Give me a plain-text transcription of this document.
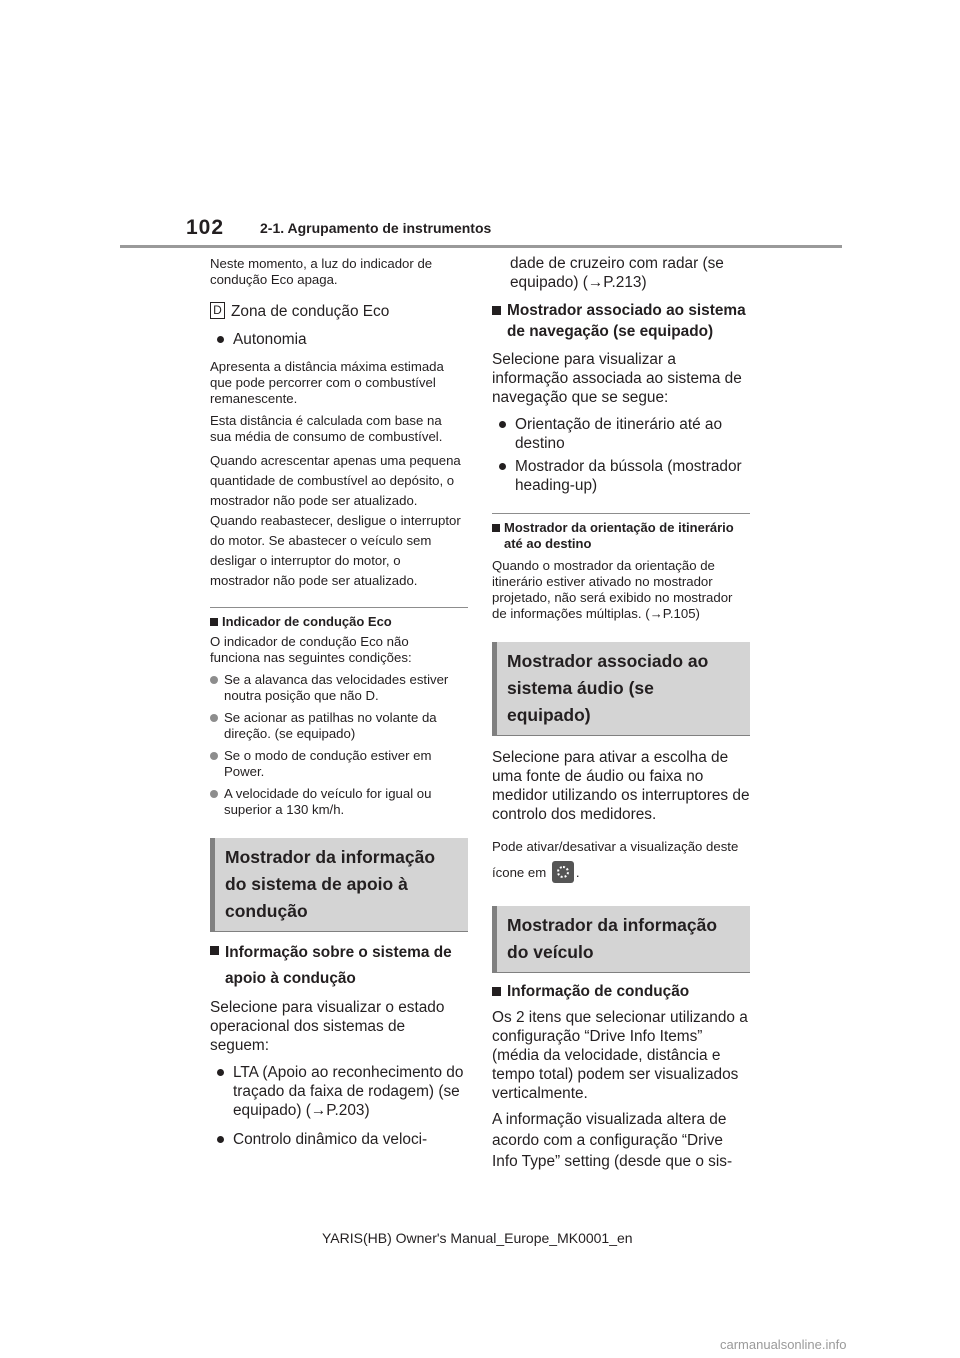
102	2-1. Agrupamento de instrumentos

Neste momento, a luz do indicador de condução Eco apaga.

D Zona de condução Eco

Autonomia

Apresenta a distância máxima estimada que pode percorrer com o combustível remanescente.

Esta distância é calculada com base na sua média de consumo de combustível.

Quando acrescentar apenas uma pequena quantidade de combustível ao depósito, o mostrador não pode ser atualizado.

Quando reabastecer, desligue o interruptor do motor. Se abastecer o veículo sem desligar o interruptor do motor, o mostrador não pode ser atualizado.

Indicador de condução Eco

O indicador de condução Eco não funciona nas seguintes condições:

Se a alavanca das velocidades estiver noutra posição que não D.

Se acionar as patilhas no volante da direção. (se equipado)

Se o modo de condução estiver em Power.

A velocidade do veículo for igual ou superior a 130 km/h.

Mostrador da informação do sistema de apoio à condução

Informação sobre o sistema de apoio à condução

Selecione para visualizar o estado operacional dos sistemas de seguem:

LTA (Apoio ao reconhecimento do traçado da faixa de rodagem) (se equipado) (→P.203)

Controlo dinâmico da veloci-

dade de cruzeiro com radar (se equipado) (→P.213)

Mostrador associado ao sistema de navegação (se equipado)

Selecione para visualizar a informação associada ao sistema de navegação que se segue:

Orientação de itinerário até ao destino

Mostrador da bússola (mostrador heading-up)

Mostrador da orientação de itinerário até ao destino

Quando o mostrador da orientação de itinerário estiver ativado no mostrador projetado, não será exibido no mostrador de informações múltiplas. (→P.105)

Mostrador associado ao sistema áudio (se equipado)

Selecione para ativar a escolha de uma fonte de áudio ou faixa no medidor utilizando os interruptores de controlo dos medidores.

Pode ativar/desativar a visualização deste ícone em .

Mostrador da informação do veículo

Informação de condução

Os 2 itens que selecionar utilizando a configuração “Drive Info Items” (média da velocidade, distância e tempo total) podem ser visualizados verticalmente.

A informação visualizada altera de acordo com a configuração “Drive Info Type” setting (desde que o sis-

YARIS(HB) Owner's Manual_Europe_MK0001_en
carmanualsonline.info
